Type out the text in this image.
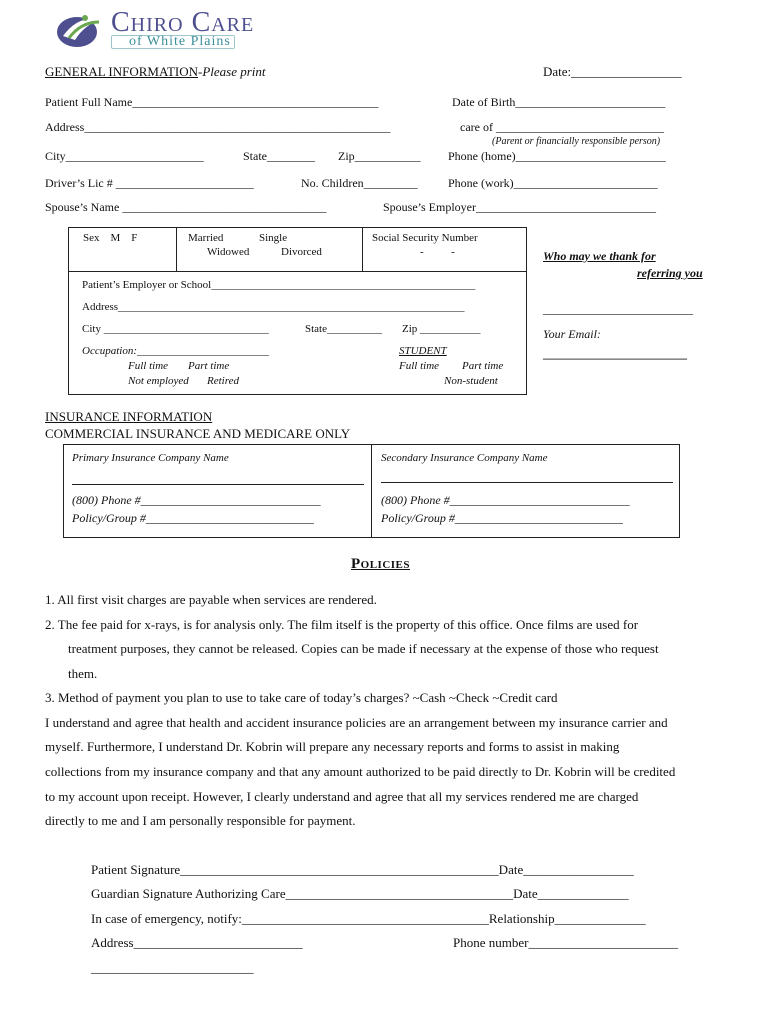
Chiro Care
of White Plains
GENERAL INFORMATION-Please print	Date:_________________
Patient Full Name_________________________________________	Date of Birth_________________________
Address___________________________________________________	care of ____________________________
(Parent or financially responsible person)
City_______________________	State________ Zip___________ Phone (home)_________________________
Driver’s Lic # _______________________	No. Children_________	Phone (work)________________________
Spouse’s Name __________________________________	Spouse’s Employer______________________________
Sex M F	Married	Single
Widowed	Divorced
Social Security Number
-          -
Patient’s Employer or School________________________________________________
Address_______________________________________________________________
City ______________________________	State__________ Zip ___________
Occupation:________________________
Full time Part time
Not employed Retired
STUDENT
Full time Part time
Non-student
Who may we thank for
referring you
_________________________
Your Email:
________________________
INSURANCE INFORMATION
COMMERCIAL INSURANCE AND MEDICARE ONLY
Primary Insurance Company Name
(800) Phone #______________________________
Policy/Group #____________________________
Secondary Insurance Company Name
(800) Phone #______________________________
Policy/Group #____________________________
Policies
1. All first visit charges are payable when services are rendered.
2. The fee paid for x-rays, is for analysis only. The film itself is the property of this office. Once films are used for
treatment purposes, they cannot be released. Copies can be made if necessary at the expense of those who request
them.
3. Method of payment you plan to use to take care of today’s charges? ~Cash ~Check ~Credit card
I understand and agree that health and accident insurance policies are an arrangement between my insurance carrier and
myself. Furthermore, I understand Dr. Kobrin will prepare any necessary reports and forms to assist in making
collections from my insurance company and that any amount authorized to be paid directly to Dr. Kobrin will be credited
to my account upon receipt. However, I clearly understand and agree that all my services rendered me are charged
directly to me and I am personally responsible for payment.
Patient Signature_________________________________________________Date_________________
Guardian Signature Authorizing Care___________________________________Date______________
In case of emergency, notify:______________________________________Relationship______________
Address__________________________	Phone number_______________________
_________________________
